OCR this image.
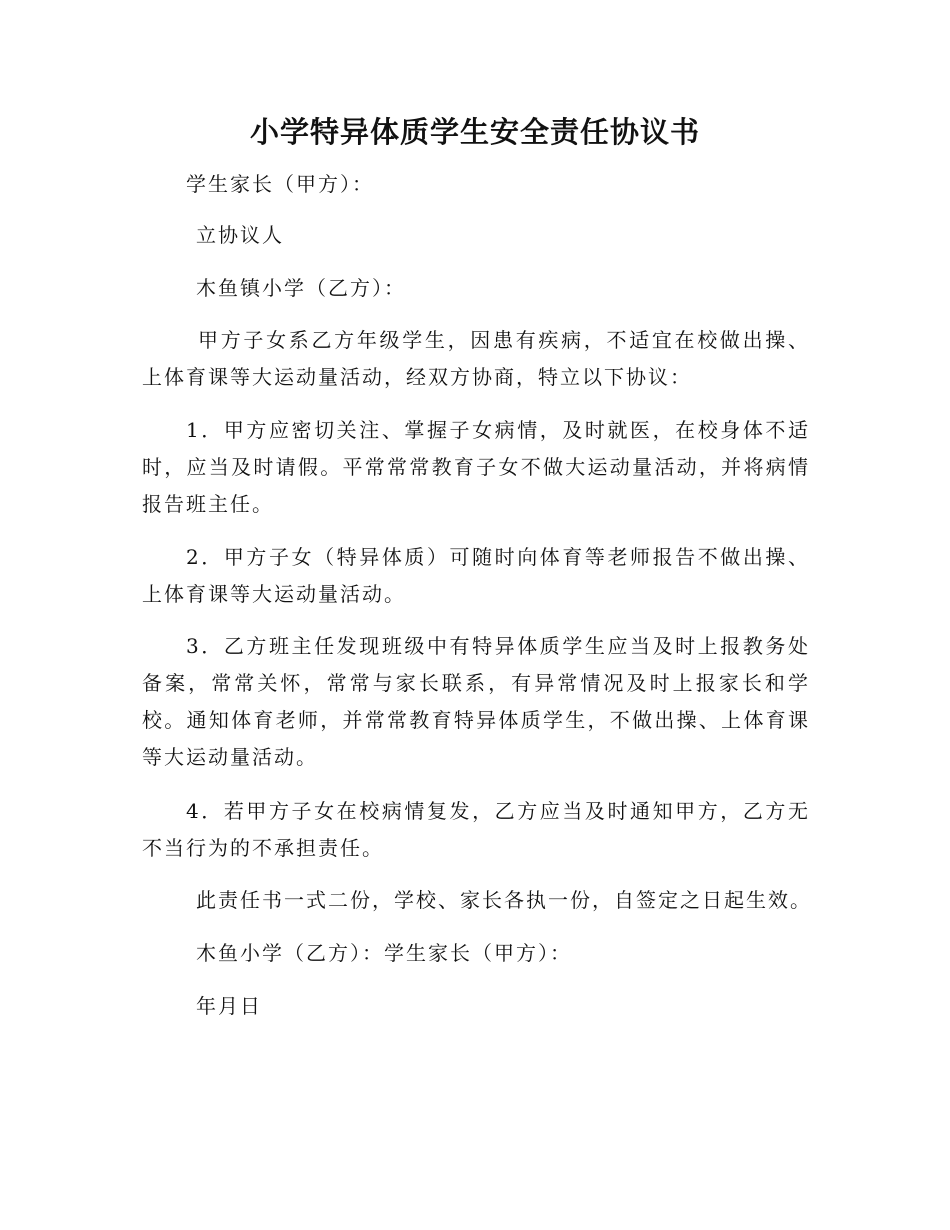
小学特异体质学生安全责任协议书
学生家长（甲方）：
立协议人
木鱼镇小学（乙方）：

甲方子女系乙方年级学生，因患有疾病，不适宜在校做出操、上体育课等大运动量活动，经双方协商，特立以下协议：

1．甲方应密切关注、掌握子女病情，及时就医，在校身体不适时，应当及时请假。平常常常教育子女不做大运动量活动，并将病情报告班主任。

2．甲方子女（特异体质）可随时向体育等老师报告不做出操、上体育课等大运动量活动。

3．乙方班主任发现班级中有特异体质学生应当及时上报教务处备案，常常关怀，常常与家长联系，有异常情况及时上报家长和学校。通知体育老师，并常常教育特异体质学生，不做出操、上体育课等大运动量活动。

4．若甲方子女在校病情复发，乙方应当及时通知甲方，乙方无不当行为的不承担责任。

此责任书一式二份，学校、家长各执一份，自签定之日起生效。
木鱼小学（乙方）：学生家长（甲方）：
年月日
